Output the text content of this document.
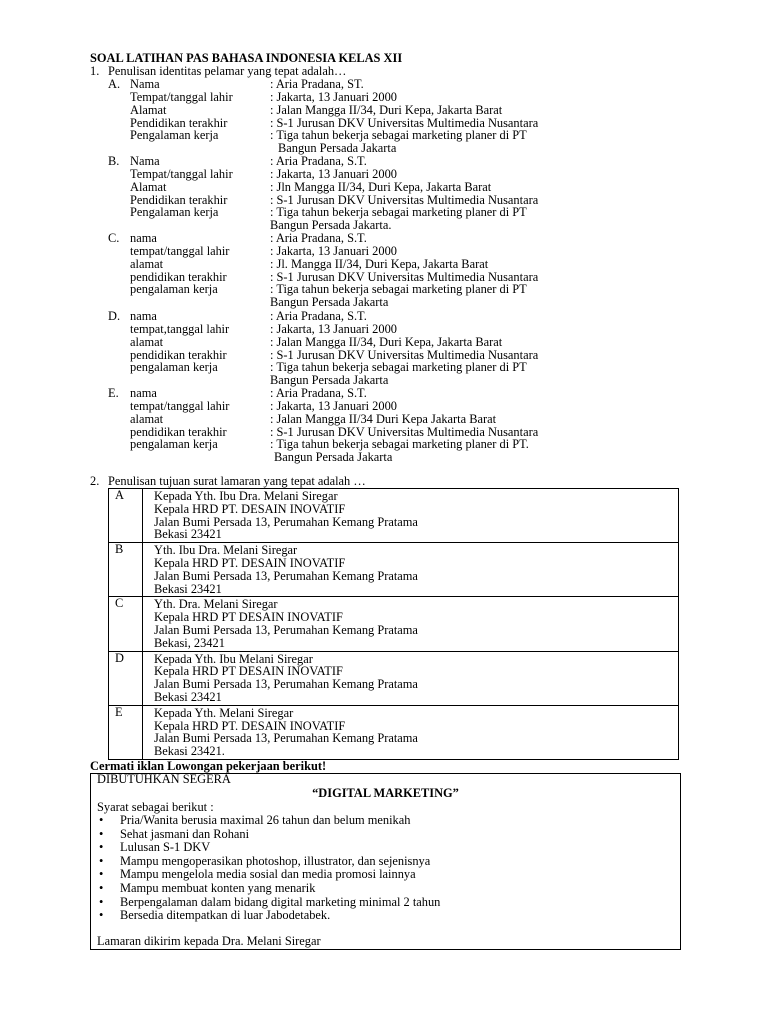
SOAL LATIHAN PAS BAHASA INDONESIA KELAS XII
1. Penulisan identitas pelamar yang tepat adalah…
A. Nama	: Aria Pradana, ST.
Tempat/tanggal lahir	: Jakarta, 13 Januari 2000
Alamat	: Jalan Mangga II/34, Duri Kepa, Jakarta Barat
Pendidikan terakhir	: S-1 Jurusan DKV Universitas Multimedia Nusantara
Pengalaman kerja	: Tiga tahun bekerja sebagai marketing planer di PT
Bangun Persada Jakarta
B. Nama	: Aria Pradana, S.T.
Tempat/tanggal lahir	: Jakarta, 13 Januari 2000
Alamat	: Jln Mangga II/34, Duri Kepa, Jakarta Barat
Pendidikan terakhir	: S-1 Jurusan DKV Universitas Multimedia Nusantara
Pengalaman kerja	: Tiga tahun bekerja sebagai marketing planer di PT
Bangun Persada Jakarta.
C. nama	: Aria Pradana, S.T.
tempat/tanggal lahir	: Jakarta, 13 Januari 2000
alamat	: Jl. Mangga II/34, Duri Kepa, Jakarta Barat
pendidikan terakhir	: S-1 Jurusan DKV Universitas Multimedia Nusantara
pengalaman kerja	: Tiga tahun bekerja sebagai marketing planer di PT
Bangun Persada Jakarta
D. nama	: Aria Pradana, S.T.
tempat,tanggal lahir	: Jakarta, 13 Januari 2000
alamat	: Jalan Mangga II/34, Duri Kepa, Jakarta Barat
pendidikan terakhir	: S-1 Jurusan DKV Universitas Multimedia Nusantara
pengalaman kerja	: Tiga tahun bekerja sebagai marketing planer di PT
Bangun Persada Jakarta
E. nama	: Aria Pradana, S.T.
tempat/tanggal lahir	: Jakarta, 13 Januari 2000
alamat	: Jalan Mangga II/34 Duri Kepa Jakarta Barat
pendidikan terakhir	: S-1 Jurusan DKV Universitas Multimedia Nusantara
pengalaman kerja	: Tiga tahun bekerja sebagai marketing planer di PT.
Bangun Persada Jakarta
2. Penulisan tujuan surat lamaran yang tepat adalah …
A	Kepada Yth. Ibu Dra. Melani Siregar
Kepala HRD PT. DESAIN INOVATIF
Jalan Bumi Persada 13, Perumahan Kemang Pratama
Bekasi 23421

B	Yth. Ibu Dra. Melani Siregar
Kepala HRD PT. DESAIN INOVATIF
Jalan Bumi Persada 13, Perumahan Kemang Pratama
Bekasi 23421

C	Yth. Dra. Melani Siregar
Kepala HRD PT DESAIN INOVATIF
Jalan Bumi Persada 13, Perumahan Kemang Pratama
Bekasi, 23421

D	Kepada Yth. Ibu Melani Siregar
Kepala HRD PT DESAIN INOVATIF
Jalan Bumi Persada 13, Perumahan Kemang Pratama
Bekasi 23421

E	Kepada Yth. Melani Siregar
Kepala HRD PT. DESAIN INOVATIF
Jalan Bumi Persada 13, Perumahan Kemang Pratama
Bekasi 23421.
Cermati iklan Lowongan pekerjaan berikut!
DIBUTUHKAN SEGERA
“DIGITAL MARKETING”
Syarat sebagai berikut :
• Pria/Wanita berusia maximal 26 tahun dan belum menikah
• Sehat jasmani dan Rohani
• Lulusan S-1 DKV
• Mampu mengoperasikan photoshop, illustrator, dan sejenisnya
• Mampu mengelola media sosial dan media promosi lainnya
• Mampu membuat konten yang menarik
• Berpengalaman dalam bidang digital marketing minimal 2 tahun
• Bersedia ditempatkan di luar Jabodetabek.
Lamaran dikirim kepada Dra. Melani Siregar
